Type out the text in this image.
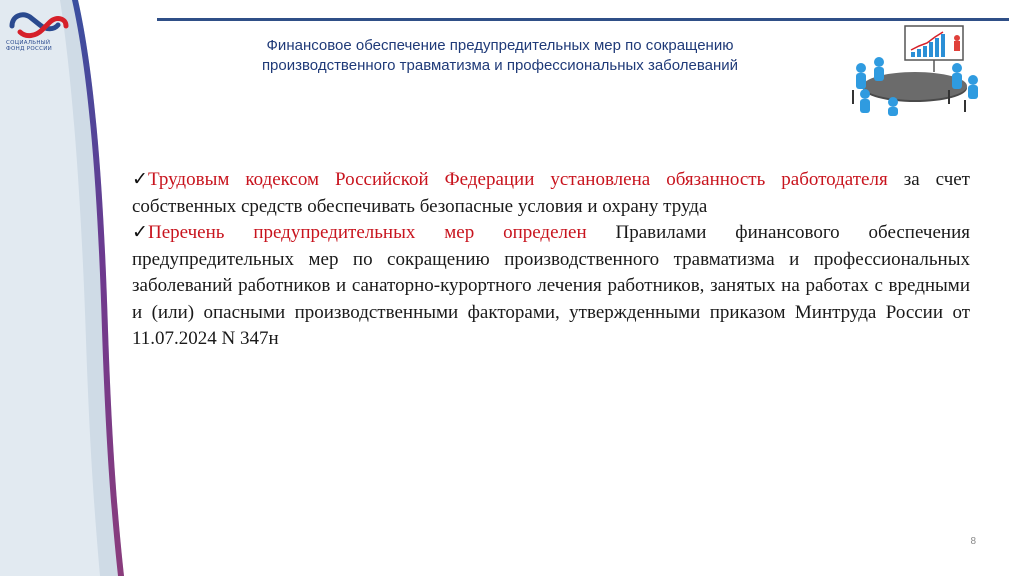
СОЦИАЛЬНЫЙ
ФОНД РОССИИ	Финансовое обеспечение предупредительных мер по сокращению
производственного травматизма и профессиональных заболеваний

✓Трудовым кодексом Российской Федерации установлена обязанность работодателя за счет собственных средств обеспечивать безопасные условия и охрану труда

✓Перечень предупредительных мер определен Правилами финансового обеспечения предупредительных мер по сокращению производственного травматизма и профессиональных заболеваний работников и санаторно-курортного лечения работников, занятых на работах с вредными и (или) опасными производственными факторами, утвержденными приказом Минтруда России от 11.07.2024 N 347н

8
